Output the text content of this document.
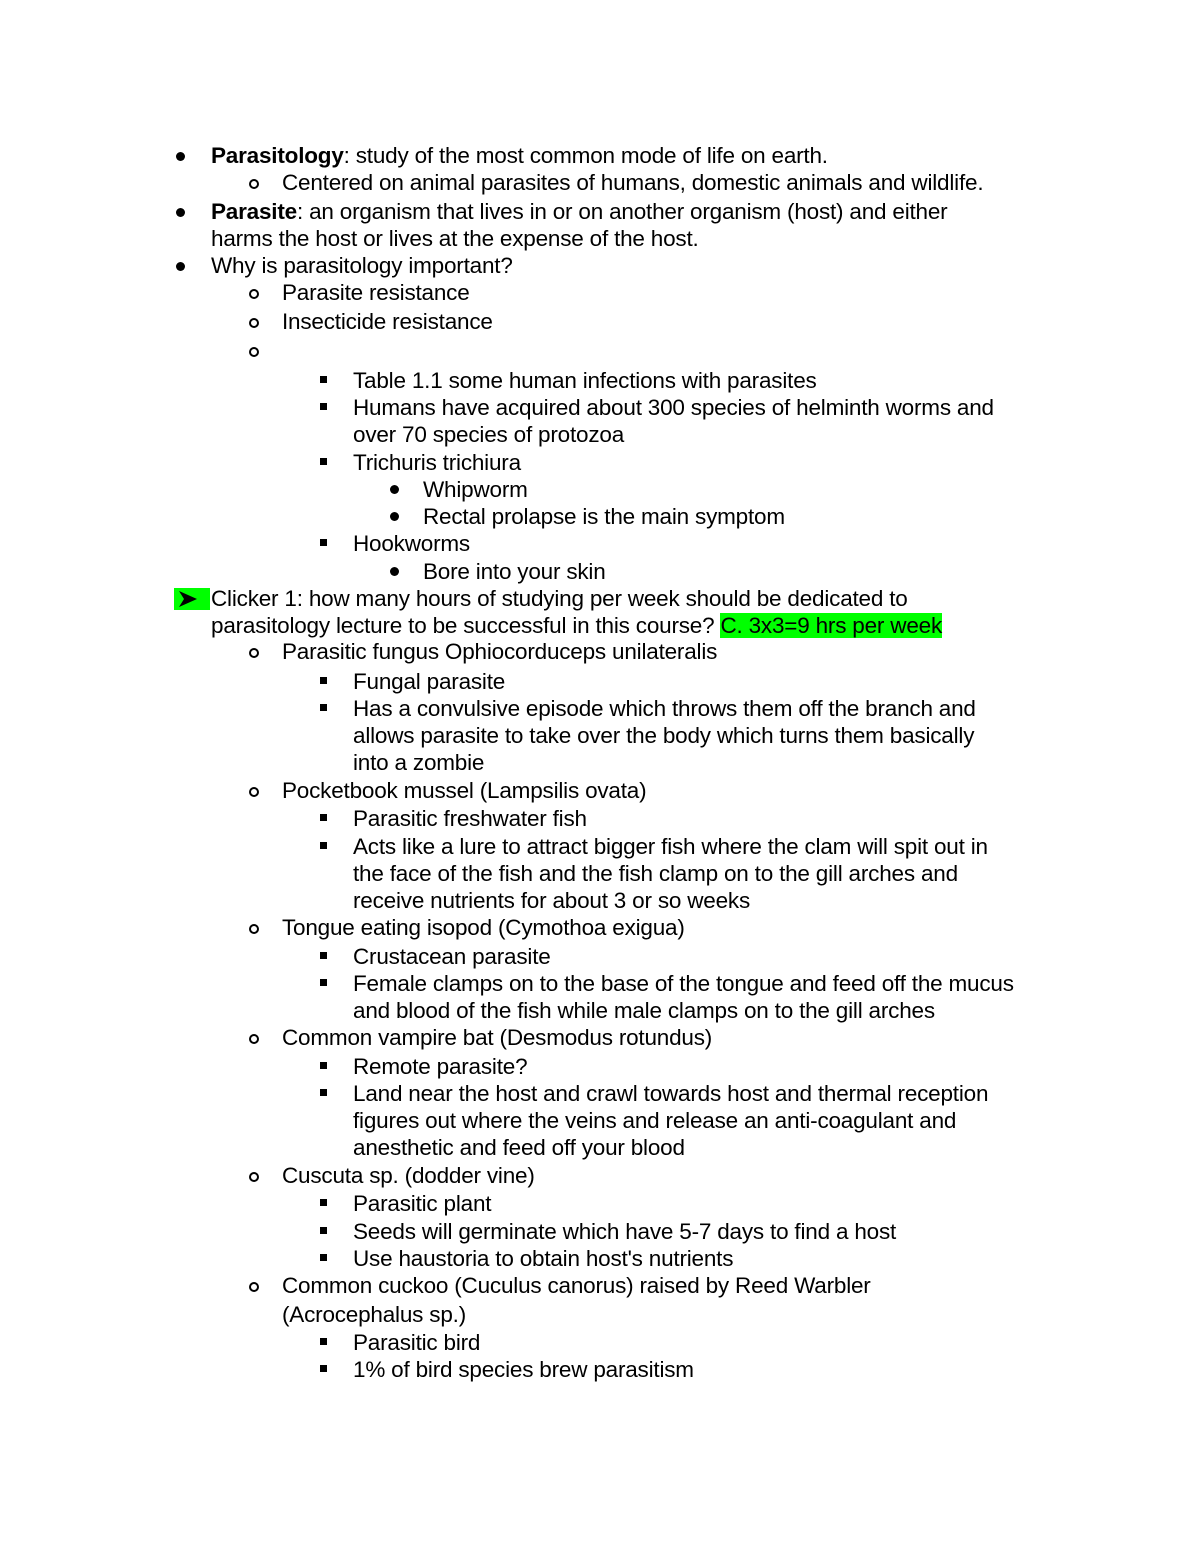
Parasitology: study of the most common mode of life on earth.
Centered on animal parasites of humans, domestic animals and wildlife.
Parasite: an organism that lives in or on another organism (host) and either
harms the host or lives at the expense of the host.
Why is parasitology important?
Parasite resistance
Insecticide resistance
Table 1.1 some human infections with parasites
Humans have acquired about 300 species of helminth worms and
over 70 species of protozoa
Trichuris trichiura
Whipworm
Rectal prolapse is the main symptom
Hookworms
Bore into your skin
Clicker 1: how many hours of studying per week should be dedicated to
parasitology lecture to be successful in this course? C. 3x3=9 hrs per week
Parasitic fungus Ophiocorduceps unilateralis
Fungal parasite
Has a convulsive episode which throws them off the branch and
allows parasite to take over the body which turns them basically
into a zombie
Pocketbook mussel (Lampsilis ovata)
Parasitic freshwater fish
Acts like a lure to attract bigger fish where the clam will spit out in
the face of the fish and the fish clamp on to the gill arches and
receive nutrients for about 3 or so weeks
Tongue eating isopod (Cymothoa exigua)
Crustacean parasite
Female clamps on to the base of the tongue and feed off the mucus
and blood of the fish while male clamps on to the gill arches
Common vampire bat (Desmodus rotundus)
Remote parasite?
Land near the host and crawl towards host and thermal reception
figures out where the veins and release an anti-coagulant and
anesthetic and feed off your blood
Cuscuta sp. (dodder vine)
Parasitic plant
Seeds will germinate which have 5-7 days to find a host
Use haustoria to obtain host's nutrients
Common cuckoo (Cuculus canorus) raised by Reed Warbler
(Acrocephalus sp.)
Parasitic bird
1% of bird species brew parasitism
